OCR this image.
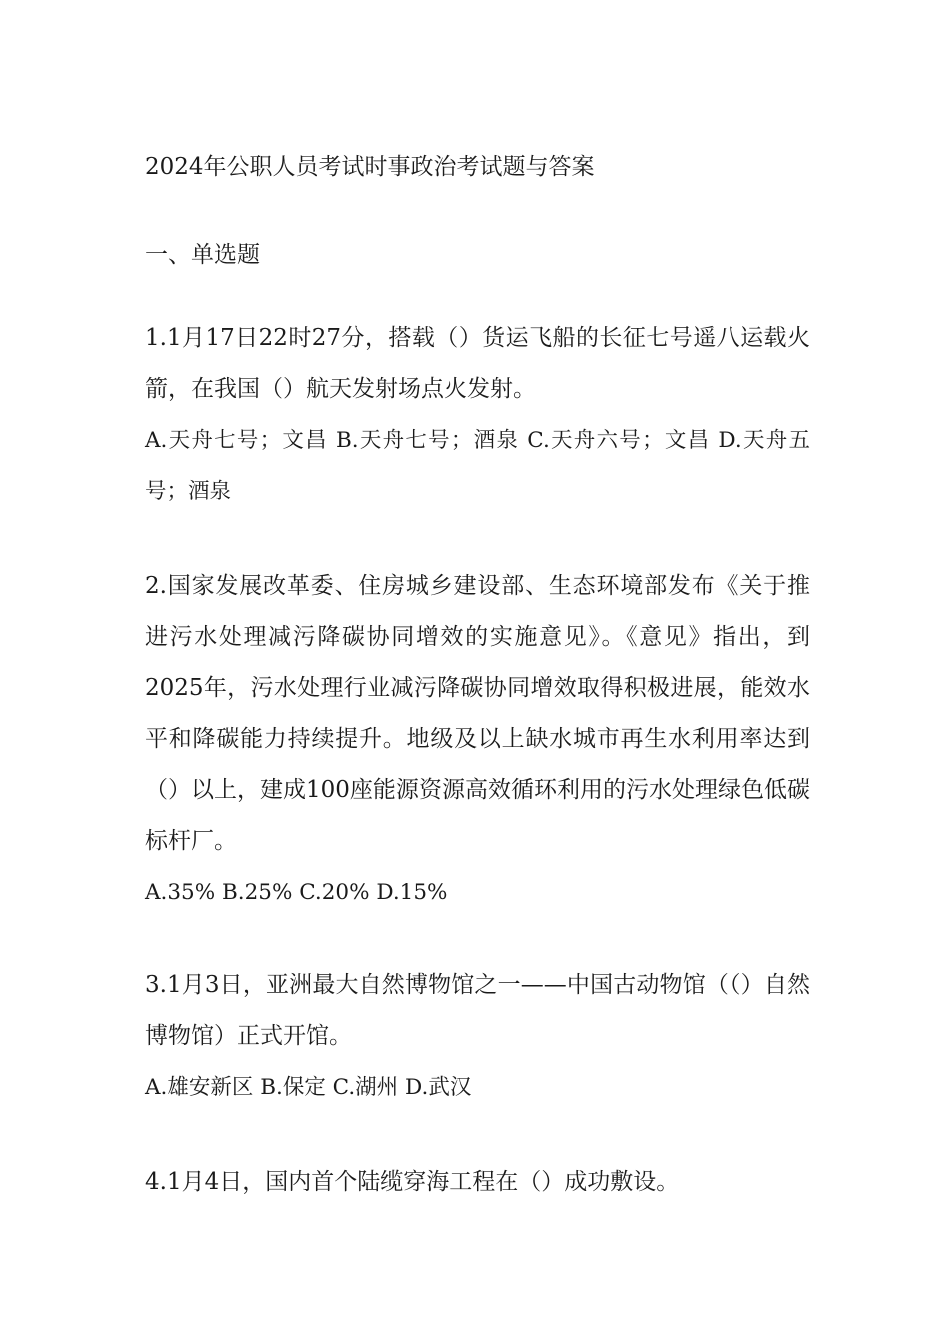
2024年公职人员考试时事政治考试题与答案
一、单选题

1.1月17日22时27分，搭载（）货运飞船的长征七号遥八运载火箭，在我国（）航天发射场点火发射。

A.天舟七号；文昌 B.天舟七号；酒泉 C.天舟六号；文昌 D.天舟五号；酒泉

2.国家发展改革委、住房城乡建设部、生态环境部发布《关于推进污水处理减污降碳协同增效的实施意见》。《意见》指出，到2025年，污水处理行业减污降碳协同增效取得积极进展，能效水平和降碳能力持续提升。地级及以上缺水城市再生水利用率达到（）以上，建成100座能源资源高效循环利用的污水处理绿色低碳标杆厂。

A.35% B.25% C.20% D.15%

3.1月3日，亚洲最大自然博物馆之一——中国古动物馆（（）自然博物馆）正式开馆。

A.雄安新区 B.保定 C.湖州 D.武汉

4.1月4日，国内首个陆缆穿海工程在（）成功敷设。
